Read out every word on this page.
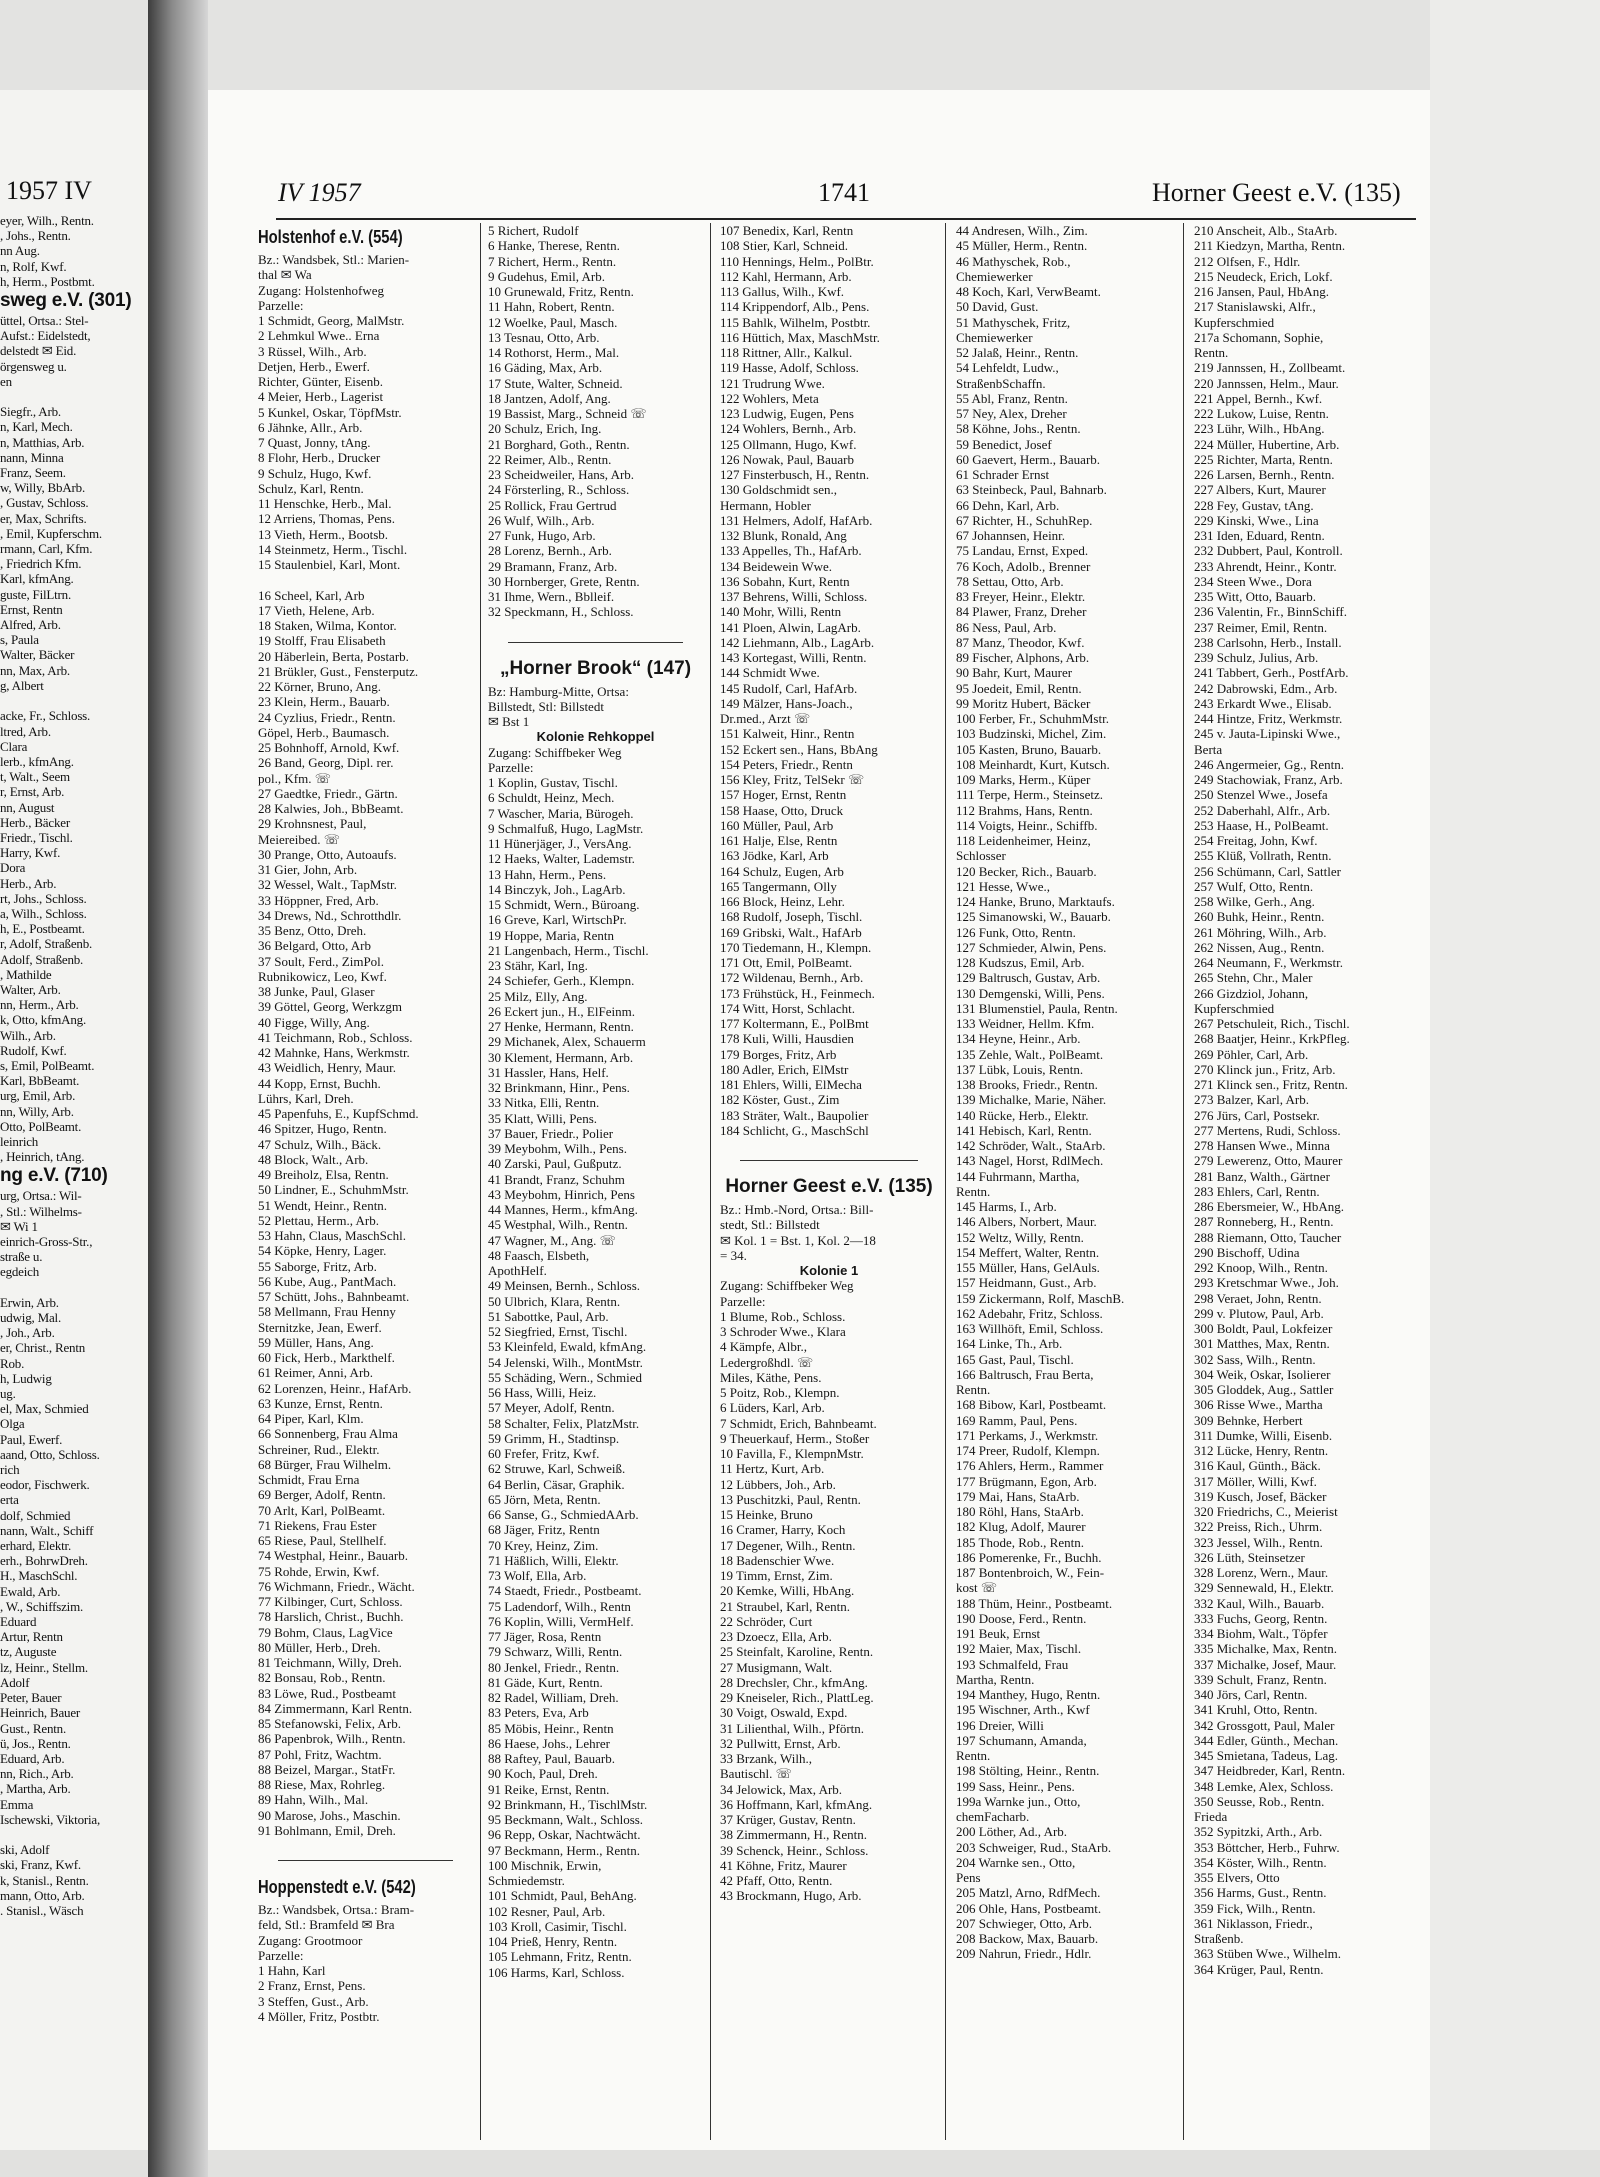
1957 IV
eyer, Wilh., Rentn.
, Johs., Rentn.
nn Aug.
n, Rolf, Kwf.
h, Herm., Postbmt.
sweg e.V. (301)
üttel, Ortsa.: Stel-
Aufst.: Eidelstedt,
delstedt ✉ Eid.
örgensweg u.
en

Siegfr., Arb.
n, Karl, Mech.
n, Matthias, Arb.
nann, Minna
Franz, Seem.
w, Willy, BbArb.
, Gustav, Schloss.
er, Max, Schrifts.
, Emil, Kupferschm.
rmann, Carl, Kfm.
, Friedrich Kfm.
Karl, kfmAng.
guste, FilLtrn.
Ernst, Rentn
Alfred, Arb.
s, Paula
Walter, Bäcker
nn, Max, Arb.
g, Albert

acke, Fr., Schloss.
ltred, Arb.
Clara
lerb., kfmAng.
t, Walt., Seem
r, Ernst, Arb.
nn, August
Herb., Bäcker
Friedr., Tischl.
Harry, Kwf.
Dora
Herb., Arb.
rt, Johs., Schloss.
a, Wilh., Schloss.
h, E., Postbeamt.
r, Adolf, Straßenb.
Adolf, Straßenb.
, Mathilde
Walter, Arb.
nn, Herm., Arb.
k, Otto, kfmAng.
Wilh., Arb.
Rudolf, Kwf.
s, Emil, PolBeamt.
Karl, BbBeamt.
urg, Emil, Arb.
nn, Willy, Arb.
Otto, PolBeamt.
leinrich
, Heinrich, tAng.
ng e.V. (710)
urg, Ortsa.: Wil-
, Stl.: Wilhelms-
✉ Wi 1
einrich-Gross-Str.,
straße u.
egdeich

Erwin, Arb.
udwig, Mal.
, Joh., Arb.
er, Christ., Rentn
Rob.
h, Ludwig
ug.
el, Max, Schmied
Olga
Paul, Ewerf.
aand, Otto, Schloss.
rich
eodor, Fischwerk.
erta
dolf, Schmied
nann, Walt., Schiff
erhard, Elektr.
erh., BohrwDreh.
H., MaschSchl.
Ewald, Arb.
, W., Schiffszim.
Eduard
Artur, Rentn
tz, Auguste
lz, Heinr., Stellm.
Adolf
Peter, Bauer
Heinrich, Bauer
Gust., Rentn.
ü, Jos., Rentn.
Eduard, Arb.
nn, Rich., Arb.
, Martha, Arb.
Emma
Ischewski, Viktoria,

ski, Adolf
ski, Franz, Kwf.
k, Stanisl., Rentn.
mann, Otto, Arb.
. Stanisl., Wäsch
IV 1957	1741	Horner Geest e.V. (135)
Holstenhof e.V. (554)
Bz.: Wandsbek, Stl.: Marien-
thal ✉ Wa
Zugang: Holstenhofweg
Parzelle:
1 Schmidt, Georg, MalMstr.
2 Lehmkul Wwe.. Erna
3 Rüssel, Wilh., Arb.
Detjen, Herb., Ewerf.
Richter, Günter, Eisenb.
4 Meier, Herb., Lagerist
5 Kunkel, Oskar, TöpfMstr.
6 Jähnke, Allr., Arb.
7 Quast, Jonny, tAng.
8 Flohr, Herb., Drucker
9 Schulz, Hugo, Kwf.
Schulz, Karl, Rentn.
11 Henschke, Herb., Mal.
12 Arriens, Thomas, Pens.
13 Vieth, Herm., Bootsb.
14 Steinmetz, Herm., Tischl.
15 Staulenbiel, Karl, Mont.

16 Scheel, Karl, Arb
17 Vieth, Helene, Arb.
18 Staken, Wilma, Kontor.
19 Stolff, Frau Elisabeth
20 Häberlein, Berta, Postarb.
21 Brükler, Gust., Fensterputz.
22 Körner, Bruno, Ang.
23 Klein, Herm., Bauarb.
24 Cyzlius, Friedr., Rentn.
Göpel, Herb., Baumasch.
25 Bohnhoff, Arnold, Kwf.
26 Band, Georg, Dipl. rer.
pol., Kfm. ☏
27 Gaedtke, Friedr., Gärtn.
28 Kalwies, Joh., BbBeamt.
29 Krohnsnest, Paul,
Meiereibed. ☏
30 Prange, Otto, Autoaufs.
31 Gier, John, Arb.
32 Wessel, Walt., TapMstr.
33 Höppner, Fred, Arb.
34 Drews, Nd., Schrotthdlr.
35 Benz, Otto, Dreh.
36 Belgard, Otto, Arb
37 Soult, Ferd., ZimPol.
Rubnikowicz, Leo, Kwf.
38 Junke, Paul, Glaser
39 Göttel, Georg, Werkzgm
40 Figge, Willy, Ang.
41 Teichmann, Rob., Schloss.
42 Mahnke, Hans, Werkmstr.
43 Weidlich, Henry, Maur.
44 Kopp, Ernst, Buchh.
Lührs, Karl, Dreh.
45 Papenfuhs, E., KupfSchmd.
46 Spitzer, Hugo, Rentn.
47 Schulz, Wilh., Bäck.
48 Block, Walt., Arb.
49 Breiholz, Elsa, Rentn.
50 Lindner, E., SchuhmMstr.
51 Wendt, Heinr., Rentn.
52 Plettau, Herm., Arb.
53 Hahn, Claus, MaschSchl.
54 Köpke, Henry, Lager.
55 Saborge, Fritz, Arb.
56 Kube, Aug., PantMach.
57 Schütt, Johs., Bahnbeamt.
58 Mellmann, Frau Henny
Sternitzke, Jean, Ewerf.
59 Müller, Hans, Ang.
60 Fick, Herb., Markthelf.
61 Reimer, Anni, Arb.
62 Lorenzen, Heinr., HafArb.
63 Kunze, Ernst, Rentn.
64 Piper, Karl, Klm.
66 Sonnenberg, Frau Alma
Schreiner, Rud., Elektr.
68 Bürger, Frau Wilhelm.
Schmidt, Frau Erna
69 Berger, Adolf, Rentn.
70 Arlt, Karl, PolBeamt.
71 Riekens, Frau Ester
65 Riese, Paul, Stellhelf.
74 Westphal, Heinr., Bauarb.
75 Rohde, Erwin, Kwf.
76 Wichmann, Friedr., Wächt.
77 Kilbinger, Curt, Schloss.
78 Harslich, Christ., Buchh.
79 Bohm, Claus, LagVice
80 Müller, Herb., Dreh.
81 Teichmann, Willy, Dreh.
82 Bonsau, Rob., Rentn.
83 Löwe, Rud., Postbeamt
84 Zimmermann, Karl Rentn.
85 Stefanowski, Felix, Arb.
86 Papenbrok, Wilh., Rentn.
87 Pohl, Fritz, Wachtm.
88 Beizel, Margar., StatFr.
88 Riese, Max, Rohrleg.
89 Hahn, Wilh., Mal.
90 Marose, Johs., Maschin.
91 Bohlmann, Emil, Dreh.
Hoppenstedt e.V. (542)
Bz.: Wandsbek, Ortsa.: Bram-
feld, Stl.: Bramfeld ✉ Bra
Zugang: Grootmoor
Parzelle:
1 Hahn, Karl
2 Franz, Ernst, Pens.
3 Steffen, Gust., Arb.
4 Möller, Fritz, Postbtr.
5 Richert, Rudolf
6 Hanke, Therese, Rentn.
7 Richert, Herm., Rentn.
9 Gudehus, Emil, Arb.
10 Grunewald, Fritz, Rentn.
11 Hahn, Robert, Rentn.
12 Woelke, Paul, Masch.
13 Tesnau, Otto, Arb.
14 Rothorst, Herm., Mal.
16 Gäding, Max, Arb.
17 Stute, Walter, Schneid.
18 Jantzen, Adolf, Ang.
19 Bassist, Marg., Schneid ☏
20 Schulz, Erich, Ing.
21 Borghard, Goth., Rentn.
22 Reimer, Alb., Rentn.
23 Scheidweiler, Hans, Arb.
24 Försterling, R., Schloss.
25 Rollick, Frau Gertrud
26 Wulf, Wilh., Arb.
27 Funk, Hugo, Arb.
28 Lorenz, Bernh., Arb.
29 Bramann, Franz, Arb.
30 Hornberger, Grete, Rentn.
31 Ihme, Wern., Bblleif.
32 Speckmann, H., Schloss.
„Horner Brook“ (147)
Bz: Hamburg-Mitte, Ortsa:
Billstedt, Stl: Billstedt
✉ Bst 1
Kolonie Rehkoppel
Zugang: Schiffbeker Weg
Parzelle:
1 Koplin, Gustav, Tischl.
6 Schuldt, Heinz, Mech.
7 Wascher, Maria, Bürogeh.
9 Schmalfuß, Hugo, LagMstr.
11 Hünerjäger, J., VersAng.
12 Haeks, Walter, Lademstr.
13 Hahn, Herm., Pens.
14 Binczyk, Joh., LagArb.
15 Schmidt, Wern., Büroang.
16 Greve, Karl, WirtschPr.
19 Hoppe, Maria, Rentn
21 Langenbach, Herm., Tischl.
23 Stähr, Karl, Ing.
24 Schiefer, Gerh., Klempn.
25 Milz, Elly, Ang.
26 Eckert jun., H., ElFeinm.
27 Henke, Hermann, Rentn.
29 Michanek, Alex, Schauerm
30 Klement, Hermann, Arb.
31 Hassler, Hans, Helf.
32 Brinkmann, Hinr., Pens.
33 Nitka, Elli, Rentn.
35 Klatt, Willi, Pens.
37 Bauer, Friedr., Polier
39 Meybohm, Wilh., Pens.
40 Zarski, Paul, Gußputz.
41 Brandt, Franz, Schuhm
43 Meybohm, Hinrich, Pens
44 Mannes, Herm., kfmAng.
45 Westphal, Wilh., Rentn.
47 Wagner, M., Ang. ☏
48 Faasch, Elsbeth,
ApothHelf.
49 Meinsen, Bernh., Schloss.
50 Ulbrich, Klara, Rentn.
51 Sabottke, Paul, Arb.
52 Siegfried, Ernst, Tischl.
53 Kleinfeld, Ewald, kfmAng.
54 Jelenski, Wilh., MontMstr.
55 Schäding, Wern., Schmied
56 Hass, Willi, Heiz.
57 Meyer, Adolf, Rentn.
58 Schalter, Felix, PlatzMstr.
59 Grimm, H., Stadtinsp.
60 Frefer, Fritz, Kwf.
62 Struwe, Karl, Schweiß.
64 Berlin, Cäsar, Graphik.
65 Jörn, Meta, Rentn.
66 Sanse, G., SchmiedAArb.
68 Jäger, Fritz, Rentn
70 Krey, Heinz, Zim.
71 Häßlich, Willi, Elektr.
73 Wolf, Ella, Arb.
74 Staedt, Friedr., Postbeamt.
75 Ladendorf, Wilh., Rentn
76 Koplin, Willi, VermHelf.
77 Jäger, Rosa, Rentn
79 Schwarz, Willi, Rentn.
80 Jenkel, Friedr., Rentn.
81 Gäde, Kurt, Rentn.
82 Radel, William, Dreh.
83 Peters, Eva, Arb
85 Möbis, Heinr., Rentn
86 Haese, Johs., Lehrer
88 Raftey, Paul, Bauarb.
90 Koch, Paul, Dreh.
91 Reike, Ernst, Rentn.
92 Brinkmann, H., TischlMstr.
95 Beckmann, Walt., Schloss.
96 Repp, Oskar, Nachtwächt.
97 Beckmann, Herm., Rentn.
100 Mischnik, Erwin,
Schmiedemstr.
101 Schmidt, Paul, BehAng.
102 Resner, Paul, Arb.
103 Kroll, Casimir, Tischl.
104 Prieß, Henry, Rentn.
105 Lehmann, Fritz, Rentn.
106 Harms, Karl, Schloss.
107 Benedix, Karl, Rentn
108 Stier, Karl, Schneid.
110 Hennings, Helm., PolBtr.
112 Kahl, Hermann, Arb.
113 Gallus, Wilh., Kwf.
114 Krippendorf, Alb., Pens.
115 Bahlk, Wilhelm, Postbtr.
116 Hüttich, Max, MaschMstr.
118 Rittner, Allr., Kalkul.
119 Hasse, Adolf, Schloss.
121 Trudrung Wwe.
122 Wohlers, Meta
123 Ludwig, Eugen, Pens
124 Wohlers, Bernh., Arb.
125 Ollmann, Hugo, Kwf.
126 Nowak, Paul, Bauarb
127 Finsterbusch, H., Rentn.
130 Goldschmidt sen.,
Hermann, Hobler
131 Helmers, Adolf, HafArb.
132 Blunk, Ronald, Ang
133 Appelles, Th., HafArb.
134 Beidewein Wwe.
136 Sobahn, Kurt, Rentn
137 Behrens, Willi, Schloss.
140 Mohr, Willi, Rentn
141 Ploen, Alwin, LagArb.
142 Liehmann, Alb., LagArb.
143 Kortegast, Willi, Rentn.
144 Schmidt Wwe.
145 Rudolf, Carl, HafArb.
149 Mälzer, Hans-Joach.,
Dr.med., Arzt ☏
151 Kalweit, Hinr., Rentn
152 Eckert sen., Hans, BbAng
154 Peters, Friedr., Rentn
156 Kley, Fritz, TelSekr ☏
157 Hoger, Ernst, Rentn
158 Haase, Otto, Druck
160 Müller, Paul, Arb
161 Halje, Else, Rentn
163 Jödke, Karl, Arb
164 Schulz, Eugen, Arb
165 Tangermann, Olly
166 Block, Heinz, Lehr.
168 Rudolf, Joseph, Tischl.
169 Gribski, Walt., HafArb
170 Tiedemann, H., Klempn.
171 Ott, Emil, PolBeamt.
172 Wildenau, Bernh., Arb.
173 Frühstück, H., Feinmech.
174 Witt, Horst, Schlacht.
177 Koltermann, E., PolBmt
178 Kuli, Willi, Hausdien
179 Borges, Fritz, Arb
180 Adler, Erich, ElMstr
181 Ehlers, Willi, ElMecha
182 Köster, Gust., Zim
183 Sträter, Walt., Baupolier
184 Schlicht, G., MaschSchl
Horner Geest e.V. (135)
Bz.: Hmb.-Nord, Ortsa.: Bill-
stedt, Stl.: Billstedt
✉ Kol. 1 = Bst. 1, Kol. 2—18
= 34.
Kolonie 1
Zugang: Schiffbeker Weg
Parzelle:
1 Blume, Rob., Schloss.
3 Schroder Wwe., Klara
4 Kämpfe, Albr.,
Ledergroßhdl. ☏
Miles, Käthe, Pens.
5 Poitz, Rob., Klempn.
6 Lüders, Karl, Arb.
7 Schmidt, Erich, Bahnbeamt.
9 Theuerkauf, Herm., Stoßer
10 Favilla, F., KlempnMstr.
11 Hertz, Kurt, Arb.
12 Lübbers, Joh., Arb.
13 Puschitzki, Paul, Rentn.
15 Heinke, Bruno
16 Cramer, Harry, Koch
17 Degener, Wilh., Rentn.
18 Badenschier Wwe.
19 Timm, Ernst, Zim.
20 Kemke, Willi, HbAng.
21 Straubel, Karl, Rentn.
22 Schröder, Curt
23 Dzoecz, Ella, Arb.
25 Steinfalt, Karoline, Rentn.
27 Musigmann, Walt.
28 Drechsler, Chr., kfmAng.
29 Kneiseler, Rich., PlattLeg.
30 Voigt, Oswald, Expd.
31 Lilienthal, Wilh., Pförtn.
32 Pullwitt, Ernst, Arb.
33 Brzank, Wilh.,
Bautischl. ☏
34 Jelowick, Max, Arb.
36 Hoffmann, Karl, kfmAng.
37 Krüger, Gustav, Rentn.
38 Zimmermann, H., Rentn.
39 Schenck, Heinr., Schloss.
41 Köhne, Fritz, Maurer
42 Pfaff, Otto, Rentn.
43 Brockmann, Hugo, Arb.
44 Andresen, Wilh., Zim.
45 Müller, Herm., Rentn.
46 Mathyschek, Rob.,
Chemiewerker
48 Koch, Karl, VerwBeamt.
50 David, Gust.
51 Mathyschek, Fritz,
Chemiewerker
52 Jalaß, Heinr., Rentn.
54 Lehfeldt, Ludw.,
StraßenbSchaffn.
55 Abl, Franz, Rentn.
57 Ney, Alex, Dreher
58 Köhne, Johs., Rentn.
59 Benedict, Josef
60 Gaevert, Herm., Bauarb.
61 Schrader Ernst
63 Steinbeck, Paul, Bahnarb.
66 Dehn, Karl, Arb.
67 Richter, H., SchuhRep.
67 Johannsen, Heinr.
75 Landau, Ernst, Exped.
76 Koch, Adolb., Brenner
78 Settau, Otto, Arb.
83 Freyer, Heinr., Elektr.
84 Plawer, Franz, Dreher
86 Ness, Paul, Arb.
87 Manz, Theodor, Kwf.
89 Fischer, Alphons, Arb.
90 Bahr, Kurt, Maurer
95 Joedeit, Emil, Rentn.
99 Moritz Hubert, Bäcker
100 Ferber, Fr., SchuhmMstr.
103 Budzinski, Michel, Zim.
105 Kasten, Bruno, Bauarb.
108 Meinhardt, Kurt, Kutsch.
109 Marks, Herm., Küper
111 Terpe, Herm., Steinsetz.
112 Brahms, Hans, Rentn.
114 Voigts, Heinr., Schiffb.
118 Leidenheimer, Heinz,
Schlosser
120 Becker, Rich., Bauarb.
121 Hesse, Wwe.,
124 Hanke, Bruno, Marktaufs.
125 Simanowski, W., Bauarb.
126 Funk, Otto, Rentn.
127 Schmieder, Alwin, Pens.
128 Kudszus, Emil, Arb.
129 Baltrusch, Gustav, Arb.
130 Demgenski, Willi, Pens.
131 Blumenstiel, Paula, Rentn.
133 Weidner, Hellm. Kfm.
134 Heyne, Heinr., Arb.
135 Zehle, Walt., PolBeamt.
137 Lübk, Louis, Rentn.
138 Brooks, Friedr., Rentn.
139 Michalke, Marie, Näher.
140 Rücke, Herb., Elektr.
141 Hebisch, Karl, Rentn.
142 Schröder, Walt., StaArb.
143 Nagel, Horst, RdlMech.
144 Fuhrmann, Martha,
Rentn.
145 Harms, I., Arb.
146 Albers, Norbert, Maur.
152 Weltz, Willy, Rentn.
154 Meffert, Walter, Rentn.
155 Müller, Hans, GelAuls.
157 Heidmann, Gust., Arb.
159 Zickermann, Rolf, MaschB.
162 Adebahr, Fritz, Schloss.
163 Willhöft, Emil, Schloss.
164 Linke, Th., Arb.
165 Gast, Paul, Tischl.
166 Baltrusch, Frau Berta,
Rentn.
168 Bibow, Karl, Postbeamt.
169 Ramm, Paul, Pens.
171 Perkams, J., Werkmstr.
174 Preer, Rudolf, Klempn.
176 Ahlers, Herm., Rammer
177 Brügmann, Egon, Arb.
179 Mai, Hans, StaArb.
180 Röhl, Hans, StaArb.
182 Klug, Adolf, Maurer
185 Thode, Rob., Rentn.
186 Pomerenke, Fr., Buchh.
187 Bontenbroich, W., Fein-
kost ☏
188 Thüm, Heinr., Postbeamt.
190 Doose, Ferd., Rentn.
191 Beuk, Ernst
192 Maier, Max, Tischl.
193 Schmalfeld, Frau
Martha, Rentn.
194 Manthey, Hugo, Rentn.
195 Wischner, Arth., Kwf
196 Dreier, Willi
197 Schumann, Amanda,
Rentn.
198 Stölting, Heinr., Rentn.
199 Sass, Heinr., Pens.
199a Warnke jun., Otto,
chemFacharb.
200 Löther, Ad., Arb.
203 Schweiger, Rud., StaArb.
204 Warnke sen., Otto,
Pens
205 Matzl, Arno, RdfMech.
206 Ohle, Hans, Postbeamt.
207 Schwieger, Otto, Arb.
208 Backow, Max, Bauarb.
209 Nahrun, Friedr., Hdlr.
210 Anscheit, Alb., StaArb.
211 Kiedzyn, Martha, Rentn.
212 Olfsen, F., Hdlr.
215 Neudeck, Erich, Lokf.
216 Jansen, Paul, HbAng.
217 Stanislawski, Alfr.,
Kupferschmied
217a Schomann, Sophie,
Rentn.
219 Jannssen, H., Zollbeamt.
220 Jannssen, Helm., Maur.
221 Appel, Bernh., Kwf.
222 Lukow, Luise, Rentn.
223 Lühr, Wilh., HbAng.
224 Müller, Hubertine, Arb.
225 Richter, Marta, Rentn.
226 Larsen, Bernh., Rentn.
227 Albers, Kurt, Maurer
228 Fey, Gustav, tAng.
229 Kinski, Wwe., Lina
231 Iden, Eduard, Rentn.
232 Dubbert, Paul, Kontroll.
233 Ahrendt, Heinr., Kontr.
234 Steen Wwe., Dora
235 Witt, Otto, Bauarb.
236 Valentin, Fr., BinnSchiff.
237 Reimer, Emil, Rentn.
238 Carlsohn, Herb., Install.
239 Schulz, Julius, Arb.
241 Tabbert, Gerh., PostfArb.
242 Dabrowski, Edm., Arb.
243 Erkardt Wwe., Elisab.
244 Hintze, Fritz, Werkmstr.
245 v. Jauta-Lipinski Wwe.,
Berta
246 Angermeier, Gg., Rentn.
249 Stachowiak, Franz, Arb.
250 Stenzel Wwe., Josefa
252 Daberhahl, Alfr., Arb.
253 Haase, H., PolBeamt.
254 Freitag, John, Kwf.
255 Klüß, Vollrath, Rentn.
256 Schümann, Carl, Sattler
257 Wulf, Otto, Rentn.
258 Wilke, Gerh., Ang.
260 Buhk, Heinr., Rentn.
261 Möhring, Wilh., Arb.
262 Nissen, Aug., Rentn.
264 Neumann, F., Werkmstr.
265 Stehn, Chr., Maler
266 Gizdziol, Johann,
Kupferschmied
267 Petschuleit, Rich., Tischl.
268 Baatjer, Heinr., KrkPfleg.
269 Pöhler, Carl, Arb.
270 Klinck jun., Fritz, Arb.
271 Klinck sen., Fritz, Rentn.
273 Balzer, Karl, Arb.
276 Jürs, Carl, Postsekr.
277 Mertens, Rudi, Schloss.
278 Hansen Wwe., Minna
279 Lewerenz, Otto, Maurer
281 Banz, Walth., Gärtner
283 Ehlers, Carl, Rentn.
286 Ebersmeier, W., HbAng.
287 Ronneberg, H., Rentn.
288 Riemann, Otto, Taucher
290 Bischoff, Udina
292 Knoop, Wilh., Rentn.
293 Kretschmar Wwe., Joh.
298 Veraet, John, Rentn.
299 v. Plutow, Paul, Arb.
300 Boldt, Paul, Lokfeizer
301 Matthes, Max, Rentn.
302 Sass, Wilh., Rentn.
304 Weik, Oskar, Isolierer
305 Gloddek, Aug., Sattler
306 Risse Wwe., Martha
309 Behnke, Herbert
311 Dumke, Willi, Eisenb.
312 Lücke, Henry, Rentn.
316 Kaul, Günth., Bäck.
317 Möller, Willi, Kwf.
319 Kusch, Josef, Bäcker
320 Friedrichs, C., Meierist
322 Preiss, Rich., Uhrm.
323 Jessel, Wilh., Rentn.
326 Lüth, Steinsetzer
328 Lorenz, Wern., Maur.
329 Sennewald, H., Elektr.
332 Kaul, Wilh., Bauarb.
333 Fuchs, Georg, Rentn.
334 Biohm, Walt., Töpfer
335 Michalke, Max, Rentn.
337 Michalke, Josef, Maur.
339 Schult, Franz, Rentn.
340 Jörs, Carl, Rentn.
341 Kruhl, Otto, Rentn.
342 Grossgott, Paul, Maler
344 Edler, Günth., Mechan.
345 Smietana, Tadeus, Lag.
347 Heidbreder, Karl, Rentn.
348 Lemke, Alex, Schloss.
350 Seusse, Rob., Rentn.
Frieda
352 Sypitzki, Arth., Arb.
353 Böttcher, Herb., Fuhrw.
354 Köster, Wilh., Rentn.
355 Elvers, Otto
356 Harms, Gust., Rentn.
359 Fick, Wilh., Rentn.
361 Niklasson, Friedr.,
Straßenb.
363 Stüben Wwe., Wilhelm.
364 Krüger, Paul, Rentn.
